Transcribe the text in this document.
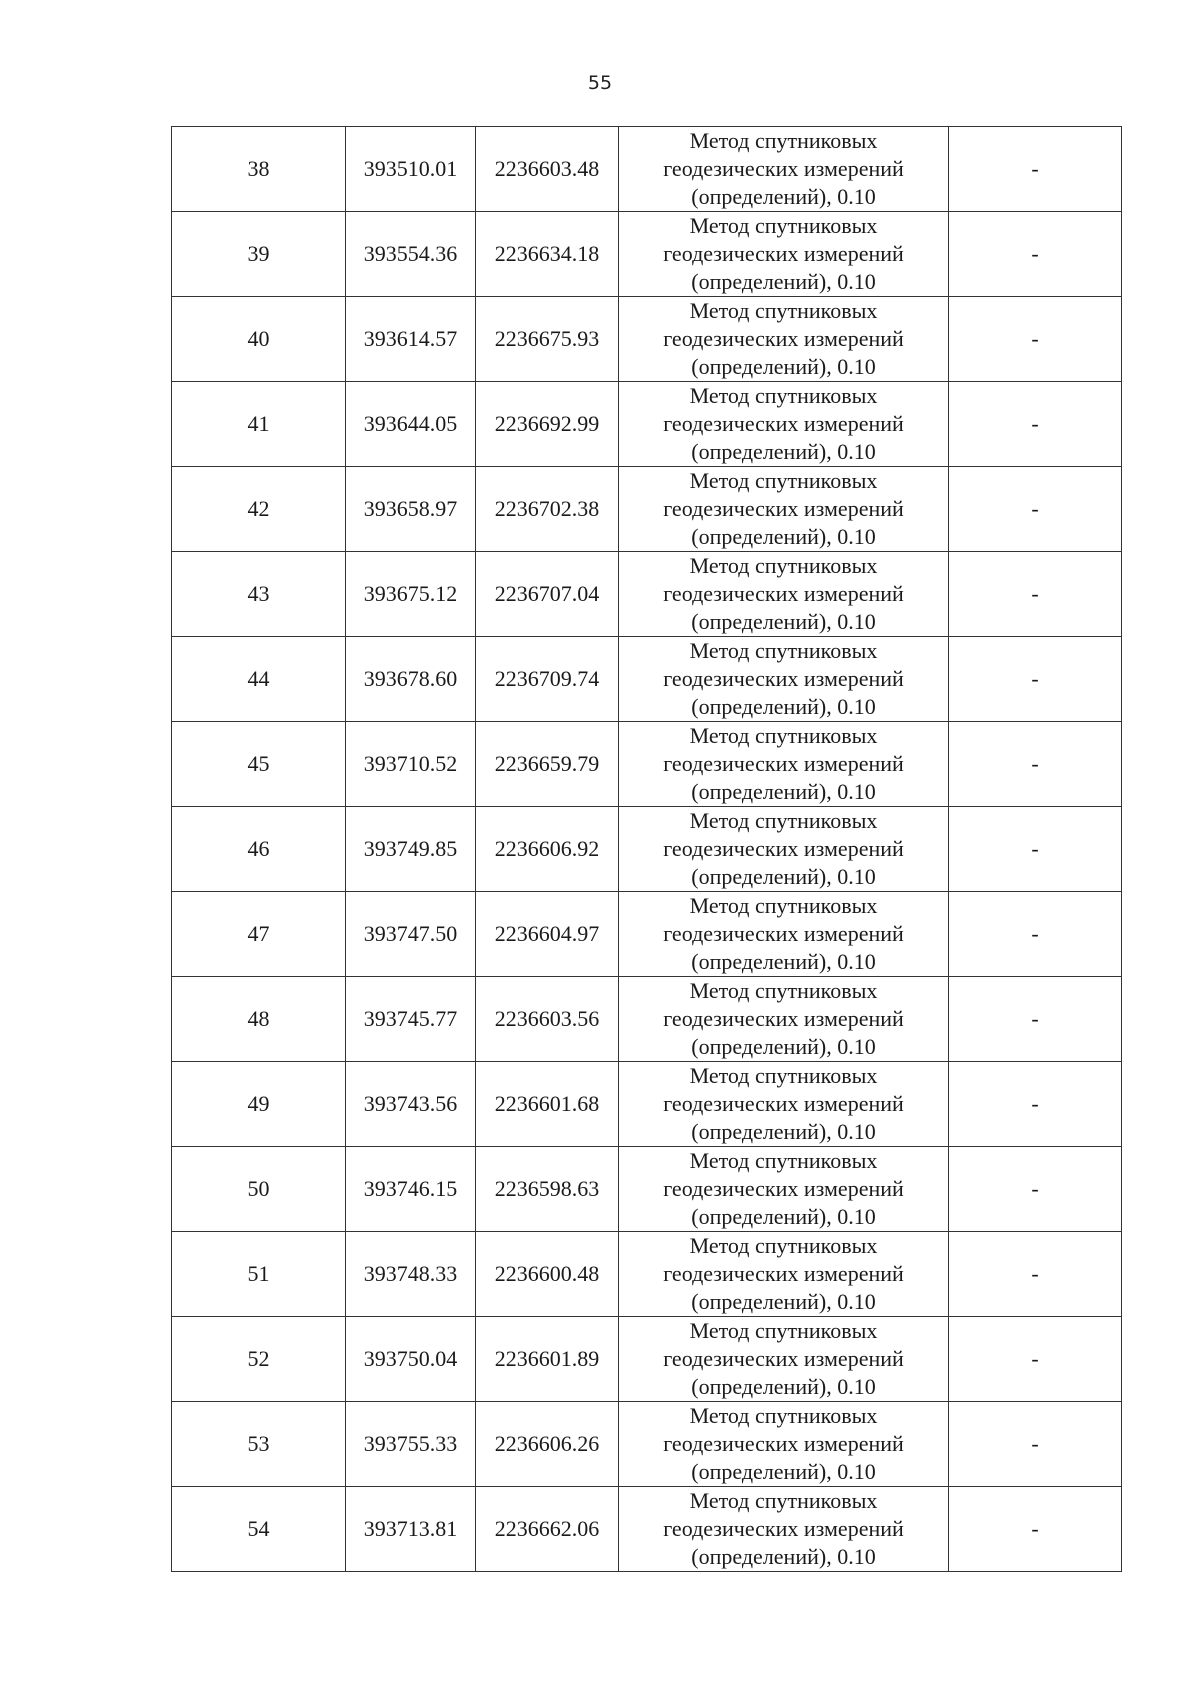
55
38	393510.01	2236603.48	Метод спутниковых
геодезических измерений
(определений), 0.10	-
39	393554.36	2236634.18	Метод спутниковых
геодезических измерений
(определений), 0.10	-
40	393614.57	2236675.93	Метод спутниковых
геодезических измерений
(определений), 0.10	-
41	393644.05	2236692.99	Метод спутниковых
геодезических измерений
(определений), 0.10	-
42	393658.97	2236702.38	Метод спутниковых
геодезических измерений
(определений), 0.10	-
43	393675.12	2236707.04	Метод спутниковых
геодезических измерений
(определений), 0.10	-
44	393678.60	2236709.74	Метод спутниковых
геодезических измерений
(определений), 0.10	-
45	393710.52	2236659.79	Метод спутниковых
геодезических измерений
(определений), 0.10	-
46	393749.85	2236606.92	Метод спутниковых
геодезических измерений
(определений), 0.10	-
47	393747.50	2236604.97	Метод спутниковых
геодезических измерений
(определений), 0.10	-
48	393745.77	2236603.56	Метод спутниковых
геодезических измерений
(определений), 0.10	-
49	393743.56	2236601.68	Метод спутниковых
геодезических измерений
(определений), 0.10	-
50	393746.15	2236598.63	Метод спутниковых
геодезических измерений
(определений), 0.10	-
51	393748.33	2236600.48	Метод спутниковых
геодезических измерений
(определений), 0.10	-
52	393750.04	2236601.89	Метод спутниковых
геодезических измерений
(определений), 0.10	-
53	393755.33	2236606.26	Метод спутниковых
геодезических измерений
(определений), 0.10	-
54	393713.81	2236662.06	Метод спутниковых
геодезических измерений
(определений), 0.10	-
